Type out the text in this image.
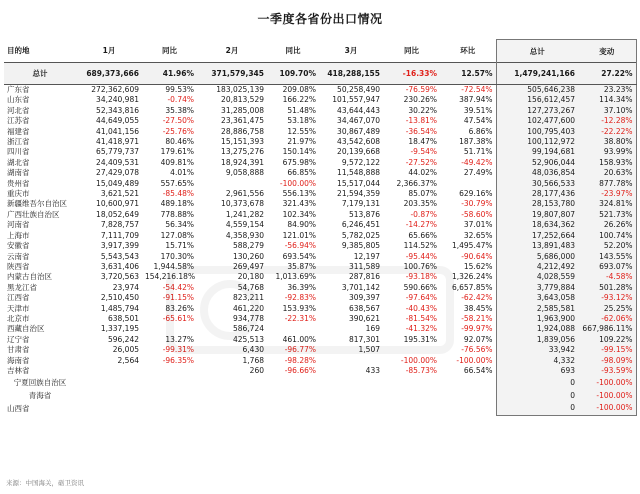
一季度各省份出口情况
目的地	1月	同比	2月	同比	3月	同比	环比	总计	变动
总计	689,373,666	41.96%	371,579,345	109.70%	418,288,155	-16.33%	12.57%	1,479,241,166	27.22%
广东省	272,362,609	99.53%	183,025,139	209.08%	50,258,490	-76.59%	-72.54%	505,646,238	23.23%
山东省	34,240,981	-0.74%	20,813,529	166.22%	101,557,947	230.26%	387.94%	156,612,457	114.34%
河北省	52,343,816	35.38%	31,285,008	51.48%	43,644,443	30.22%	39.51%	127,273,267	37.10%
江苏省	44,649,055	-27.50%	23,361,475	53.18%	34,467,070	-13.81%	47.54%	102,477,600	-12.28%
福建省	41,041,156	-25.76%	28,886,758	12.55%	30,867,489	-36.54%	6.86%	100,795,403	-22.22%
浙江省	41,418,971	80.46%	15,151,393	21.97%	43,542,608	18.47%	187.38%	100,112,972	38.80%
四川省	65,779,737	179.61%	13,275,276	150.14%	20,139,668	-9.54%	51.71%	99,194,681	93.99%
湖北省	24,409,531	409.81%	18,924,391	675.98%	9,572,122	-27.52%	-49.42%	52,906,044	158.93%
湖南省	27,429,078	4.01%	9,058,888	66.85%	11,548,888	44.02%	27.49%	48,036,854	20.63%
贵州省	15,049,489	557.65%		-100.00%	15,517,044	2,366.37%		30,566,533	877.78%
重庆市	3,621,521	-85.48%	2,961,556	556.13%	21,594,359	85.07%	629.16%	28,177,436	-23.97%
新疆维吾尔自治区	10,600,971	489.18%	10,373,678	321.43%	7,179,131	203.35%	-30.79%	28,153,780	324.81%
广西壮族自治区	18,052,649	778.88%	1,241,282	102.34%	513,876	-0.87%	-58.60%	19,807,807	521.73%
河南省	7,828,757	56.34%	4,559,154	84.90%	6,246,451	-14.27%	37.01%	18,634,362	26.26%
上海市	7,111,709	127.08%	4,358,930	121.01%	5,782,025	65.66%	32.65%	17,252,664	100.74%
安徽省	3,917,399	15.71%	588,279	-56.94%	9,385,805	114.52%	1,495.47%	13,891,483	52.20%
云南省	5,543,543	170.30%	130,260	693.54%	12,197	-95.44%	-90.64%	5,686,000	143.55%
陕西省	3,631,406	1,944.58%	269,497	35.87%	311,589	100.76%	15.62%	4,212,492	693.07%
内蒙古自治区	3,720,563	154,216.18%	20,180	1,013.69%	287,816	-93.18%	1,326.24%	4,028,559	-4.58%
黑龙江省	23,974	-54.42%	54,768	36.39%	3,701,142	590.66%	6,657.85%	3,779,884	501.28%
江西省	2,510,450	-91.15%	823,211	-92.83%	309,397	-97.64%	-62.42%	3,643,058	-93.12%
天津市	1,485,794	83.26%	461,220	153.93%	638,567	-40.43%	38.45%	2,585,581	25.25%
北京市	638,501	-65.61%	934,778	-22.31%	390,621	-81.54%	-58.21%	1,963,900	-62.06%
西藏自治区	1,337,195		586,724		169	-41.32%	-99.97%	1,924,088	667,986.11%
辽宁省	596,242	13.27%	425,513	461.00%	817,301	195.31%	92.07%	1,839,056	109.22%
甘肃省	26,005	-99.31%	6,430	-96.77%	1,507		-76.56%	33,942	-99.15%
海南省	2,564	-96.35%	1,768	-98.28%		-100.00%	-100.00%	4,332	-98.09%
吉林省			260	-96.66%	433	-85.73%	66.54%	693	-93.59%
宁夏回族自治区								0	-100.00%
青海省								0	-100.00%
山西省								0	-100.00%
来源：中国海关，砺卫资讯
